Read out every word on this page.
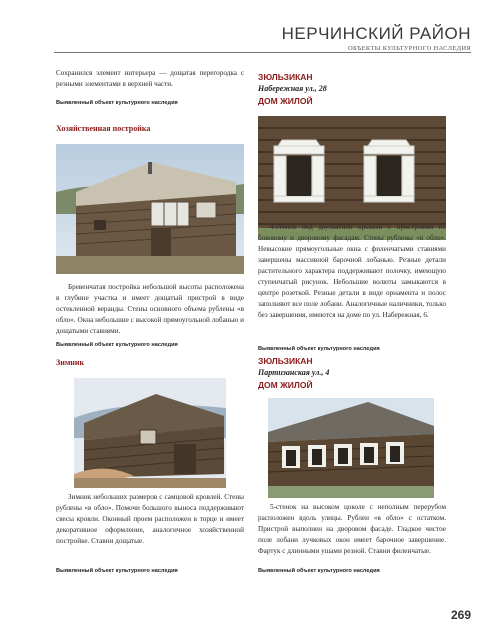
НЕРЧИНСКИЙ РАЙОН
ОБЪЕКТЫ КУЛЬТУРНОГО НАСЛЕДИЯ

Сохранился элемент интерьера — дощатая перегородка с резными элементами в верхней части.

Выявленный объект культурного наследия
Хозяйственная постройка

Бревенчатая постройка небольшой высоты расположена в глубине участка и имеет дощатый пристрой в виде остекленной веранды. Стены основного объема рублены «в обло». Окна небольшие с высокой прямоугольной лобанью и дощатыми ставнями.

Выявленный объект культурного наследия
Зимник

Зимник небольших размеров с самцовой кровлей. Стены рублены «в обло». Помочи большого выноса поддерживают свесы кровли. Оконный проем расположен в торце и имеет декоративное оформление, аналогичное хозяйственной постройке. Ставни дощатые.

Выявленный объект культурного наследия
ЗЮЛЬЗИКАН
Набережная ул., 28
ДОМ ЖИЛОЙ

4-стенок под двускатной крышей с пристроями по боковому и дворовому фасадам. Стены рублены «в обло». Невысокие прямоугольные окна с филенчатыми ставнями завершены массивной барочной лобанью. Резные детали растительного характера поддерживают полочку, имеющую ступенчатый рисунок. Небольшие волюты замыкаются в центре розеткой. Резные детали в виде орнамента и полос заполняют все поле лобани. Аналогичные наличники, только без завершения, имеются на доме по ул. Набережная, 6.

Выявленный объект культурного наследия
ЗЮЛЬЗИКАН
Партизанская ул., 4
ДОМ ЖИЛОЙ

5-стенок на высоком цоколе с неполным перерубом расположен вдоль улицы. Рублен «в обло» с остатком. Пристрой выполнен на дворовом фасаде. Гладкое чистое поле лобани лучковых окон имеет барочное завершение. Фартук с длинными ушами резной. Ставни филенчатые.

Выявленный объект культурного наследия
269
